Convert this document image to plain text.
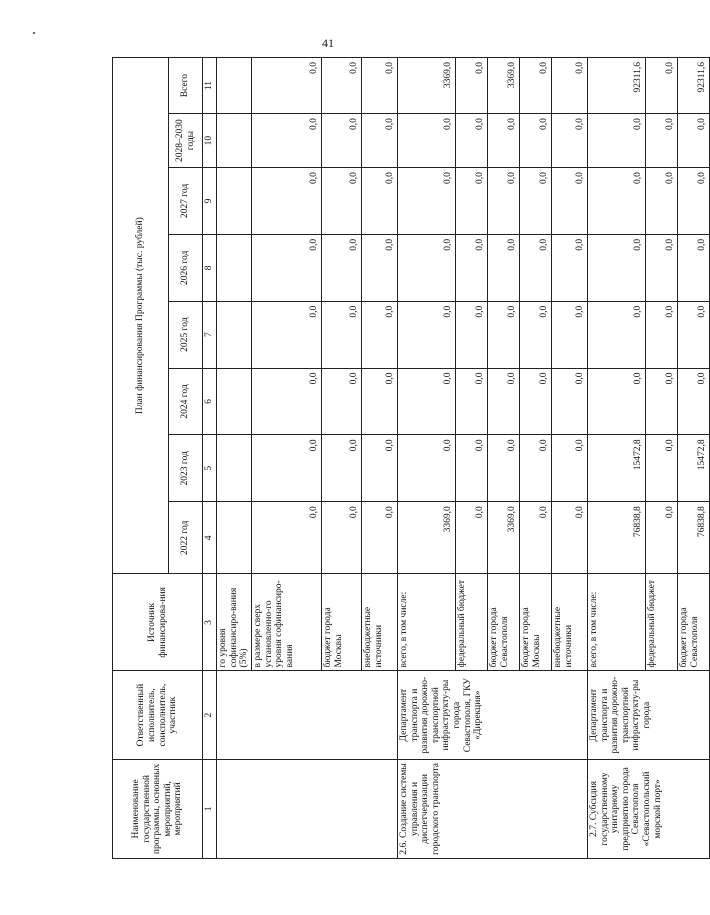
41
Наименование государственной программы, основных мероприятий, мероприятий	Ответственный исполнитель, соисполнитель, участник	Источник финансирова-ния	План финансирования Программы (тыс. рублей)							
			2022 год	2023 год	2024 год	2025 год	2026 год	2027 год	2028–2030 годы	Всего
1	2	3	4	5	6	7	8	9	10	11
		го уровня софинансиро-вания (5%)								
		в размере сверх установленно-го уровня софинансиро-вания	0,0	0,0	0,0	0,0	0,0	0,0	0,0	0,0
		бюджет города Москвы	0,0	0,0	0,0	0,0	0,0	0,0	0,0	0,0
		внебюджетные источники	0,0	0,0	0,0	0,0	0,0	0,0	0,0	0,0
2.6. Создание системы управления и диспетчеризации городского транспорта	Департамент транспорта и развития дорожно-транспортной инфраструкту-ры города Севастополя, ГКУ «Дирекция»	всего, в том числе:	3369,0	0,0	0,0	0,0	0,0	0,0	0,0	3369,0
		федеральный бюджет	0,0	0,0	0,0	0,0	0,0	0,0	0,0	0,0
		бюджет города Севастополя	3369,0	0,0	0,0	0,0	0,0	0,0	0,0	3369,0
		бюджет города Москвы	0,0	0,0	0,0	0,0	0,0	0,0	0,0	0,0
		внебюджетные источники	0,0	0,0	0,0	0,0	0,0	0,0	0,0	0,0
2.7. Субсидия государственному унитарному предприятию города Севастополя «Севастопольский морской порт»	Департамент транспорта и развития дорожно-транспортной инфраструкту-ры города	всего, в том числе:	76838,8	15472,8	0,0	0,0	0,0	0,0	0,0	92311,6
		федеральный бюджет	0,0	0,0	0,0	0,0	0,0	0,0	0,0	0,0
		бюджет города Севастополя	76838,8	15472,8	0,0	0,0	0,0	0,0	0,0	92311,6
